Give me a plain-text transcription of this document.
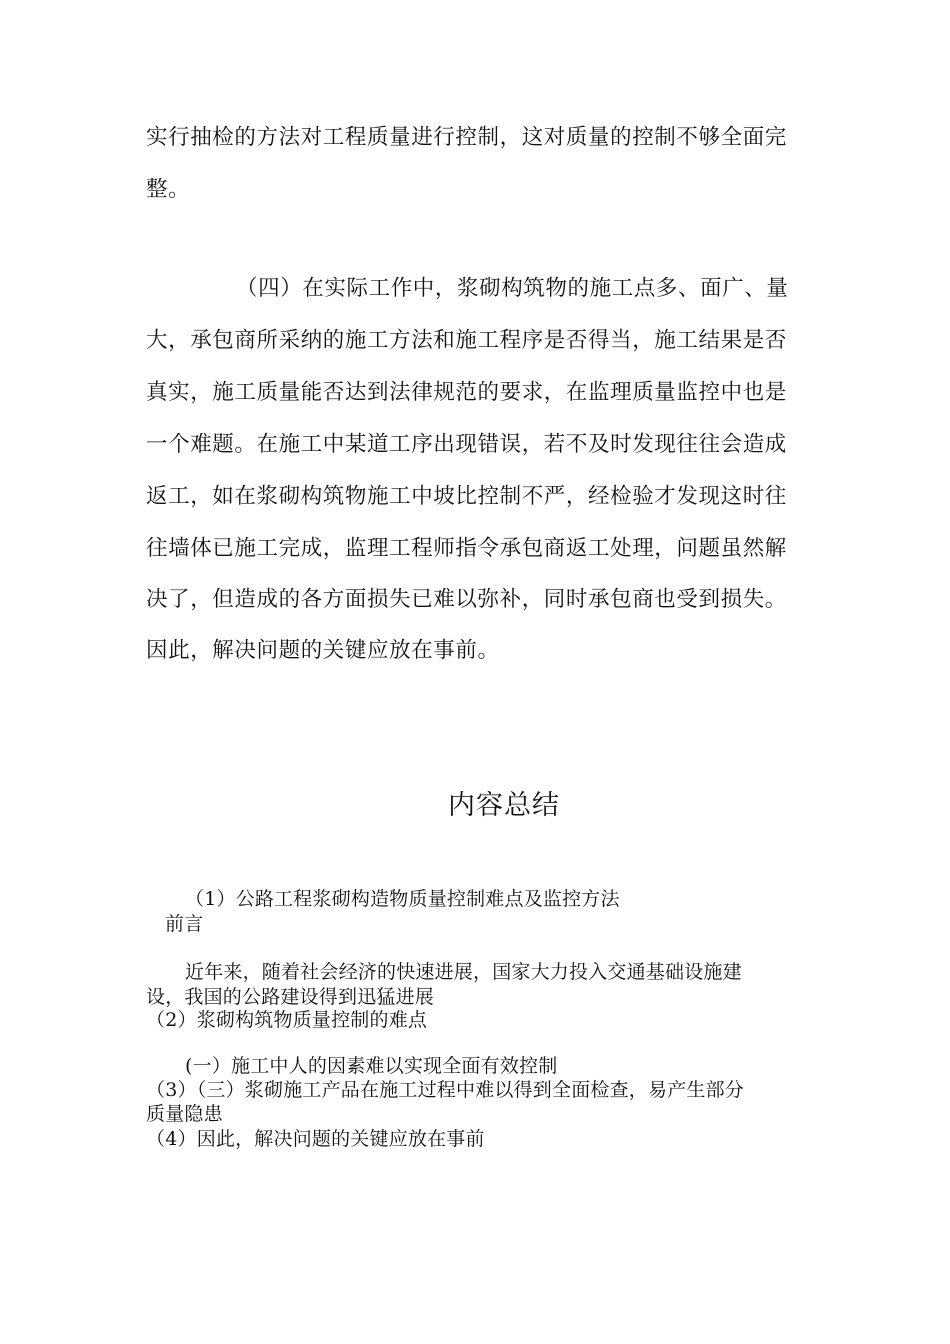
实行抽检的方法对工程质量进行控制，这对质量的控制不够全面完
整。
（四）在实际工作中，浆砌构筑物的施工点多、面广、量
大，承包商所采纳的施工方法和施工程序是否得当，施工结果是否
真实，施工质量能否达到法律规范的要求，在监理质量监控中也是
一个难题。在施工中某道工序出现错误，若不及时发现往往会造成
返工，如在浆砌构筑物施工中坡比控制不严，经检验才发现这时往
往墙体已施工完成，监理工程师指令承包商返工处理，问题虽然解
决了，但造成的各方面损失已难以弥补，同时承包商也受到损失。
因此，解决问题的关键应放在事前。
内容总结
（1）公路工程浆砌构造物质量控制难点及监控方法
前言
近年来，随着社会经济的快速进展，国家大力投入交通基础设施建
设，我国的公路建设得到迅猛进展
（2）浆砌构筑物质量控制的难点
(一）施工中人的因素难以实现全面有效控制
（3）（三）浆砌施工产品在施工过程中难以得到全面检查，易产生部分
质量隐患
（4）因此，解决问题的关键应放在事前
